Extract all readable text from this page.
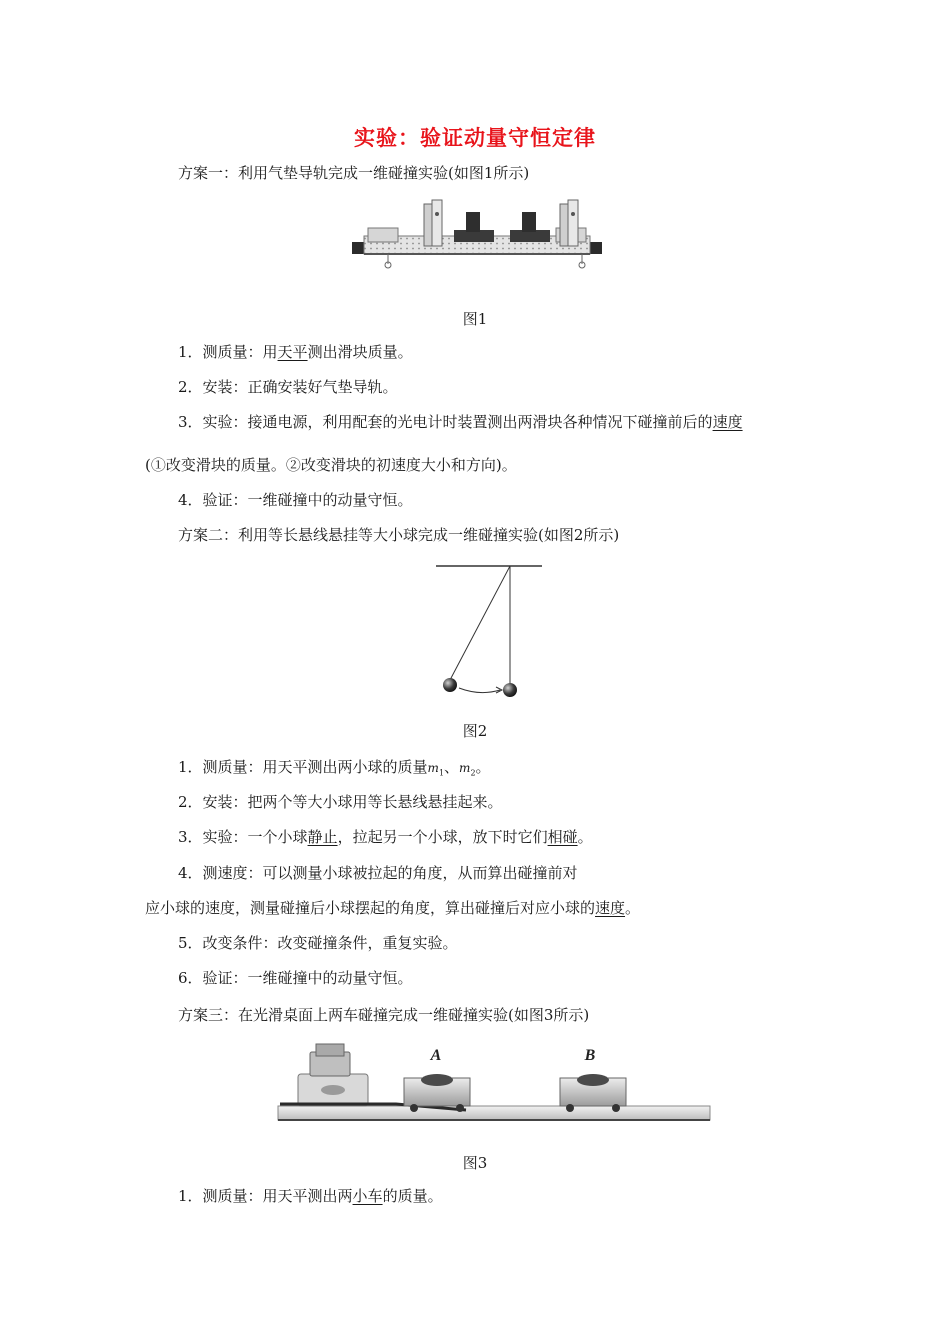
实验：验证动量守恒定律
方案一：利用气垫导轨完成一维碰撞实验(如图1所示)
图1
1．测质量：用天平测出滑块质量。
2．安装：正确安装好气垫导轨。
3．实验：接通电源，利用配套的光电计时装置测出两滑块各种情况下碰撞前后的速度
(①改变滑块的质量。②改变滑块的初速度大小和方向)。
4．验证：一维碰撞中的动量守恒。
方案二：利用等长悬线悬挂等大小球完成一维碰撞实验(如图2所示)
图2
1．测质量：用天平测出两小球的质量$m_1$、$m_2$。
2．安装：把两个等大小球用等长悬线悬挂起来。
3．实验：一个小球静止，拉起另一个小球，放下时它们相碰。
4．测速度：可以测量小球被拉起的角度，从而算出碰撞前对
应小球的速度，测量碰撞后小球摆起的角度，算出碰撞后对应小球的速度。
5．改变条件：改变碰撞条件，重复实验。
6．验证：一维碰撞中的动量守恒。
方案三：在光滑桌面上两车碰撞完成一维碰撞实验(如图3所示)
A	B
图3
1．测质量：用天平测出两小车的质量。
